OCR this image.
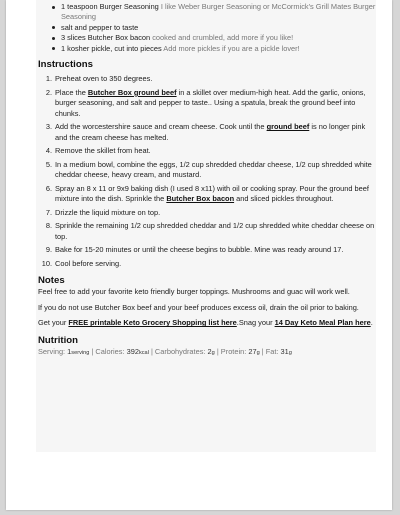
1 teaspoon Burger Seasoning I like Weber Burger Seasoning or McCormick's Grill Mates Burger Seasoning
salt and pepper to taste
3 slices Butcher Box bacon cooked and crumbled, add more if you like!
1 kosher pickle, cut into pieces Add more pickles if you are a pickle lover!
Instructions
1. Preheat oven to 350 degrees.
2. Place the Butcher Box ground beef in a skillet over medium-high heat. Add the garlic, onions, burger seasoning, and salt and pepper to taste.. Using a spatula, break the ground beef into chunks.
3. Add the worcestershire sauce and cream cheese. Cook until the ground beef is no longer pink and the cream cheese has melted.
4. Remove the skillet from heat.
5. In a medium bowl, combine the eggs, 1/2 cup shredded cheddar cheese, 1/2 cup shredded white cheddar cheese, heavy cream, and mustard.
6. Spray an 8 x 11 or 9x9 baking dish (I used 8 x11) with oil or cooking spray. Pour the ground beef mixture into the dish. Sprinkle the Butcher Box bacon and sliced pickles throughout.
7. Drizzle the liquid mixture on top.
8. Sprinkle the remaining 1/2 cup shredded cheddar and 1/2 cup shredded white cheddar cheese on top.
9. Bake for 15-20 minutes or until the cheese begins to bubble. Mine was ready around 17.
10. Cool before serving.
Notes

Feel free to add your favorite keto friendly burger toppings. Mushrooms and guac will work well.

If you do not use Butcher Box beef and your beef produces excess oil, drain the oil prior to baking.

Get your FREE printable Keto Grocery Shopping list here.Snag your 14 Day Keto Meal Plan here.

Nutrition
Serving: 1serving | Calories: 392kcal | Carbohydrates: 2g | Protein: 27g | Fat: 31g
